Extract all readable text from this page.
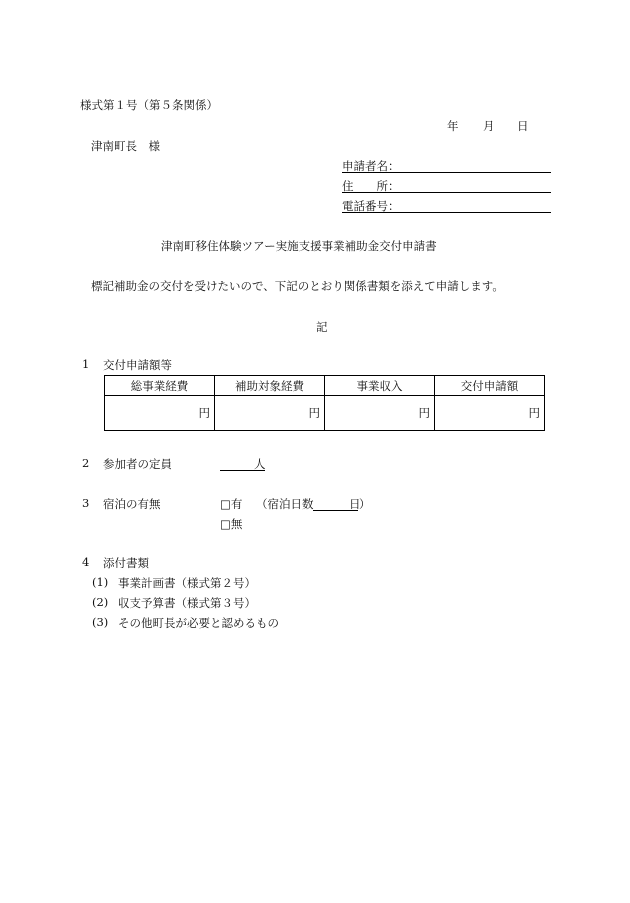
様式第１号（第５条関係）
年 月 日
津南町長　様
申請者名：
住　　所：
電話番号：
津南町移住体験ツアー実施支援事業補助金交付申請書
標記補助金の交付を受けたいので、下記のとおり関係書類を添えて申請します。
記
1 交付申請額等
総事業経費	補助対象経費	事業収入	交付申請額
円	円	円	円
2 参加者の定員	人
3 宿泊の有無	□有 （宿泊日数	日
）
□無
4 添付書類
(1) 事業計画書（様式第２号）
(2) 収支予算書（様式第３号）
(3) その他町長が必要と認めるもの
